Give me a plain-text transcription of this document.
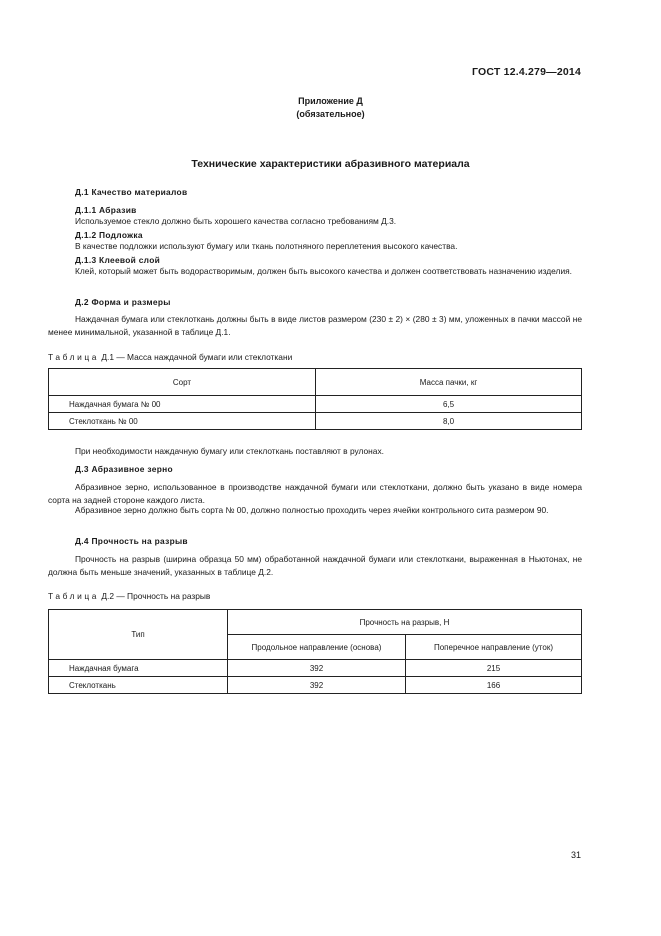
ГОСТ 12.4.279—2014
Приложение Д
(обязательное)
Технические характеристики абразивного материала
Д.1 Качество материалов
Д.1.1 Абразив
Используемое стекло должно быть хорошего качества согласно требованиям Д.3.
Д.1.2 Подложка
В качестве подложки используют бумагу или ткань полотняного переплетения высокого качества.
Д.1.3 Клеевой слой
Клей, который может быть водорастворимым, должен быть высокого качества и должен соответствовать назначению изделия.
Д.2 Форма и размеры
Наждачная бумага или стеклоткань должны быть в виде листов размером (230 ± 2) × (280 ± 3) мм, уложенных в пачки массой не менее минимальной, указанной в таблице Д.1.
Таблица Д.1 — Масса наждачной бумаги или стеклоткани
Сорт	Масса пачки, кг
Наждачная бумага № 00	6,5
Стеклоткань № 00	8,0
При необходимости наждачную бумагу или стеклоткань поставляют в рулонах.
Д.3 Абразивное зерно
Абразивное зерно, использованное в производстве наждачной бумаги или стеклоткани, должно быть указано в виде номера сорта на задней стороне каждого листа.
Абразивное зерно должно быть сорта № 00, должно полностью проходить через ячейки контрольного сита размером 90.
Д.4 Прочность на разрыв
Прочность на разрыв (ширина образца 50 мм) обработанной наждачной бумаги или стеклоткани, выраженная в Ньютонах, не должна быть меньше значений, указанных в таблице Д.2.
Таблица Д.2 — Прочность на разрыв
Тип	Прочность на разрыв, Н	
	Продольное направление (основа)	Поперечное направление (уток)
Наждачная бумага	392	215
Стеклоткань	392	166
31
